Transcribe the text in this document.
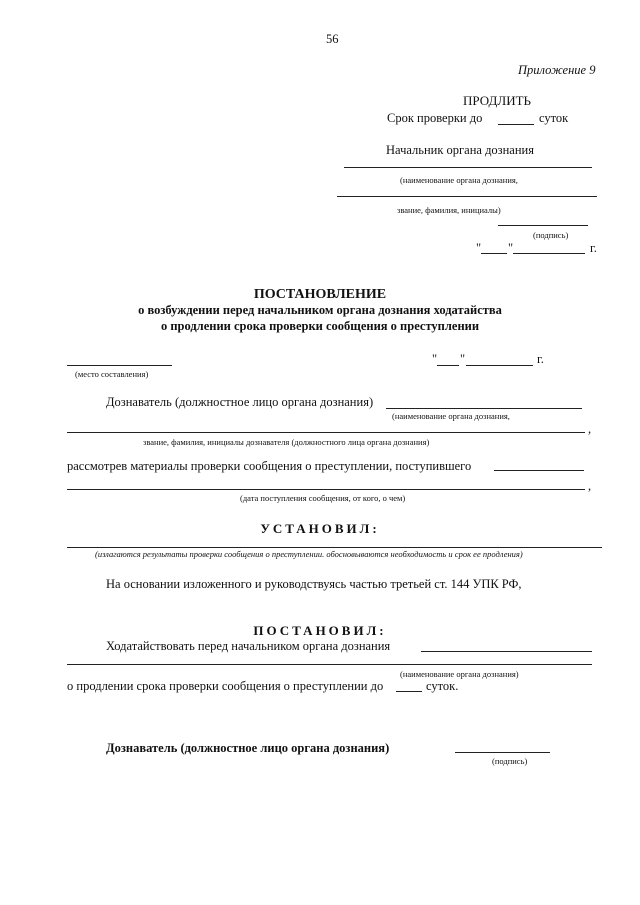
56
Приложение 9
ПРОДЛИТЬ
Срок проверки до	суток
Начальник органа дознания
(наименование органа дознания,
звание, фамилия, инициалы)
(подпись)
" "	г.
ПОСТАНОВЛЕНИЕ
о возбуждении перед начальником органа дознания ходатайства
о продлении срока проверки сообщения о преступлении
(место составления)
" "	г.
Дознаватель (должностное лицо органа дознания)
(наименование органа дознания,
,
звание, фамилия, инициалы дознавателя (должностного лица органа дознания)
рассмотрев материалы проверки сообщения о преступлении, поступившего
,
(дата поступления сообщения, от кого, о чем)
УСТАНОВИЛ:
(излагаются результаты проверки сообщения о преступлении. обосновываются необходимость и срок ее продления)
На основании изложенного и руководствуясь частью третьей ст. 144 УПК РФ,
ПОСТАНОВИЛ:
Ходатайствовать перед начальником органа дознания
(наименование органа дознания)
о продлении срока проверки сообщения о преступлении до	суток.
Дознаватель (должностное лицо органа дознания)
(подпись)
